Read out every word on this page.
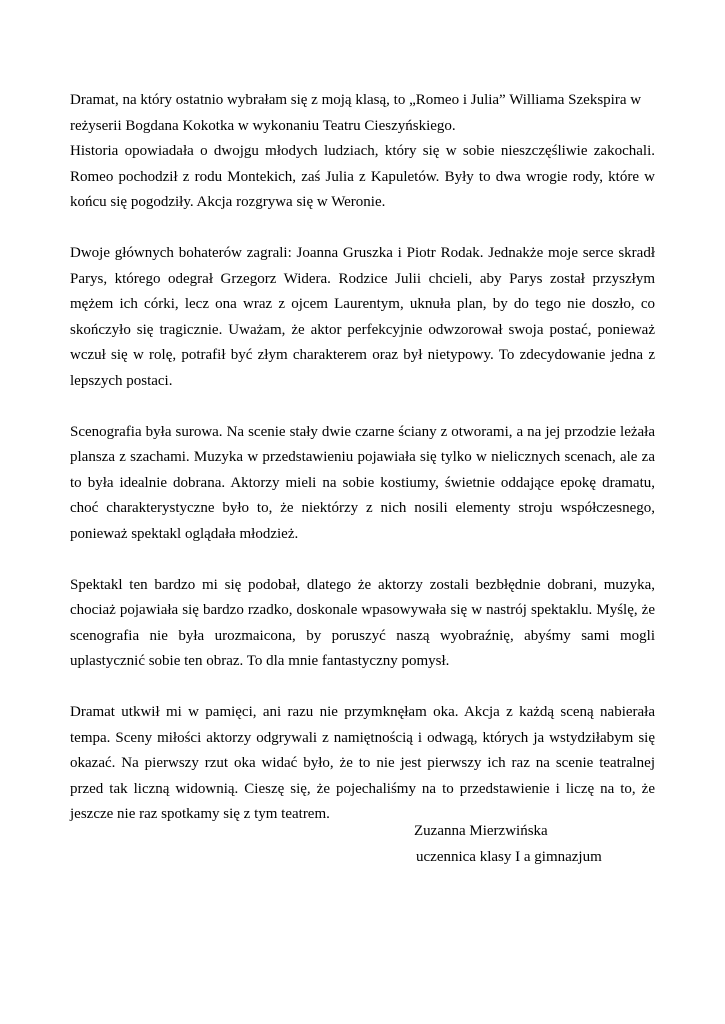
Dramat, na który ostatnio wybrałam się z moją klasą, to „Romeo i Julia” Williama Szekspira w reżyserii Bogdana Kokotka w wykonaniu Teatru Cieszyńskiego.

Historia opowiadała o dwojgu młodych ludziach, który się w sobie nieszczęśliwie zakochali. Romeo pochodził z rodu Montekich, zaś Julia z Kapuletów. Były to dwa wrogie rody, które w końcu się pogodziły. Akcja rozgrywa się w Weronie.

Dwoje głównych bohaterów zagrali: Joanna Gruszka i Piotr Rodak. Jednakże moje serce skradł Parys, którego odegrał Grzegorz Widera. Rodzice Julii chcieli, aby Parys został przyszłym mężem ich córki, lecz ona wraz z ojcem Laurentym, uknuła plan, by do tego nie doszło, co skończyło się tragicznie. Uważam, że aktor perfekcyjnie odwzorował swoja postać, ponieważ wczuł się w rolę, potrafił być złym charakterem oraz był nietypowy. To zdecydowanie jedna z lepszych postaci.

Scenografia była surowa. Na scenie stały dwie czarne ściany z otworami, a na jej przodzie leżała plansza z szachami. Muzyka w przedstawieniu pojawiała się tylko w nielicznych scenach, ale za to była idealnie dobrana. Aktorzy mieli na sobie kostiumy, świetnie oddające epokę dramatu, choć charakterystyczne było to, że niektórzy z nich nosili elementy stroju współczesnego, ponieważ spektakl oglądała młodzież.

Spektakl ten bardzo mi się podobał, dlatego że aktorzy zostali bezbłędnie dobrani, muzyka, chociaż pojawiała się bardzo rzadko, doskonale wpasowywała się w nastrój spektaklu. Myślę, że scenografia nie była urozmaicona, by poruszyć naszą wyobraźnię, abyśmy sami mogli uplastycznić sobie ten obraz. To dla mnie fantastyczny pomysł.

Dramat utkwił mi w pamięci, ani razu nie przymknęłam oka. Akcja z każdą sceną nabierała tempa. Sceny miłości aktorzy odgrywali z namiętnością i odwagą, których ja wstydziłabym się okazać. Na pierwszy rzut oka widać było, że to nie jest pierwszy ich raz na scenie teatralnej przed tak liczną widownią. Cieszę się, że pojechaliśmy na to przedstawienie i liczę na to, że jeszcze nie raz spotkamy się z tym teatrem.

Zuzanna Mierzwińska
uczennica klasy I a gimnazjum
